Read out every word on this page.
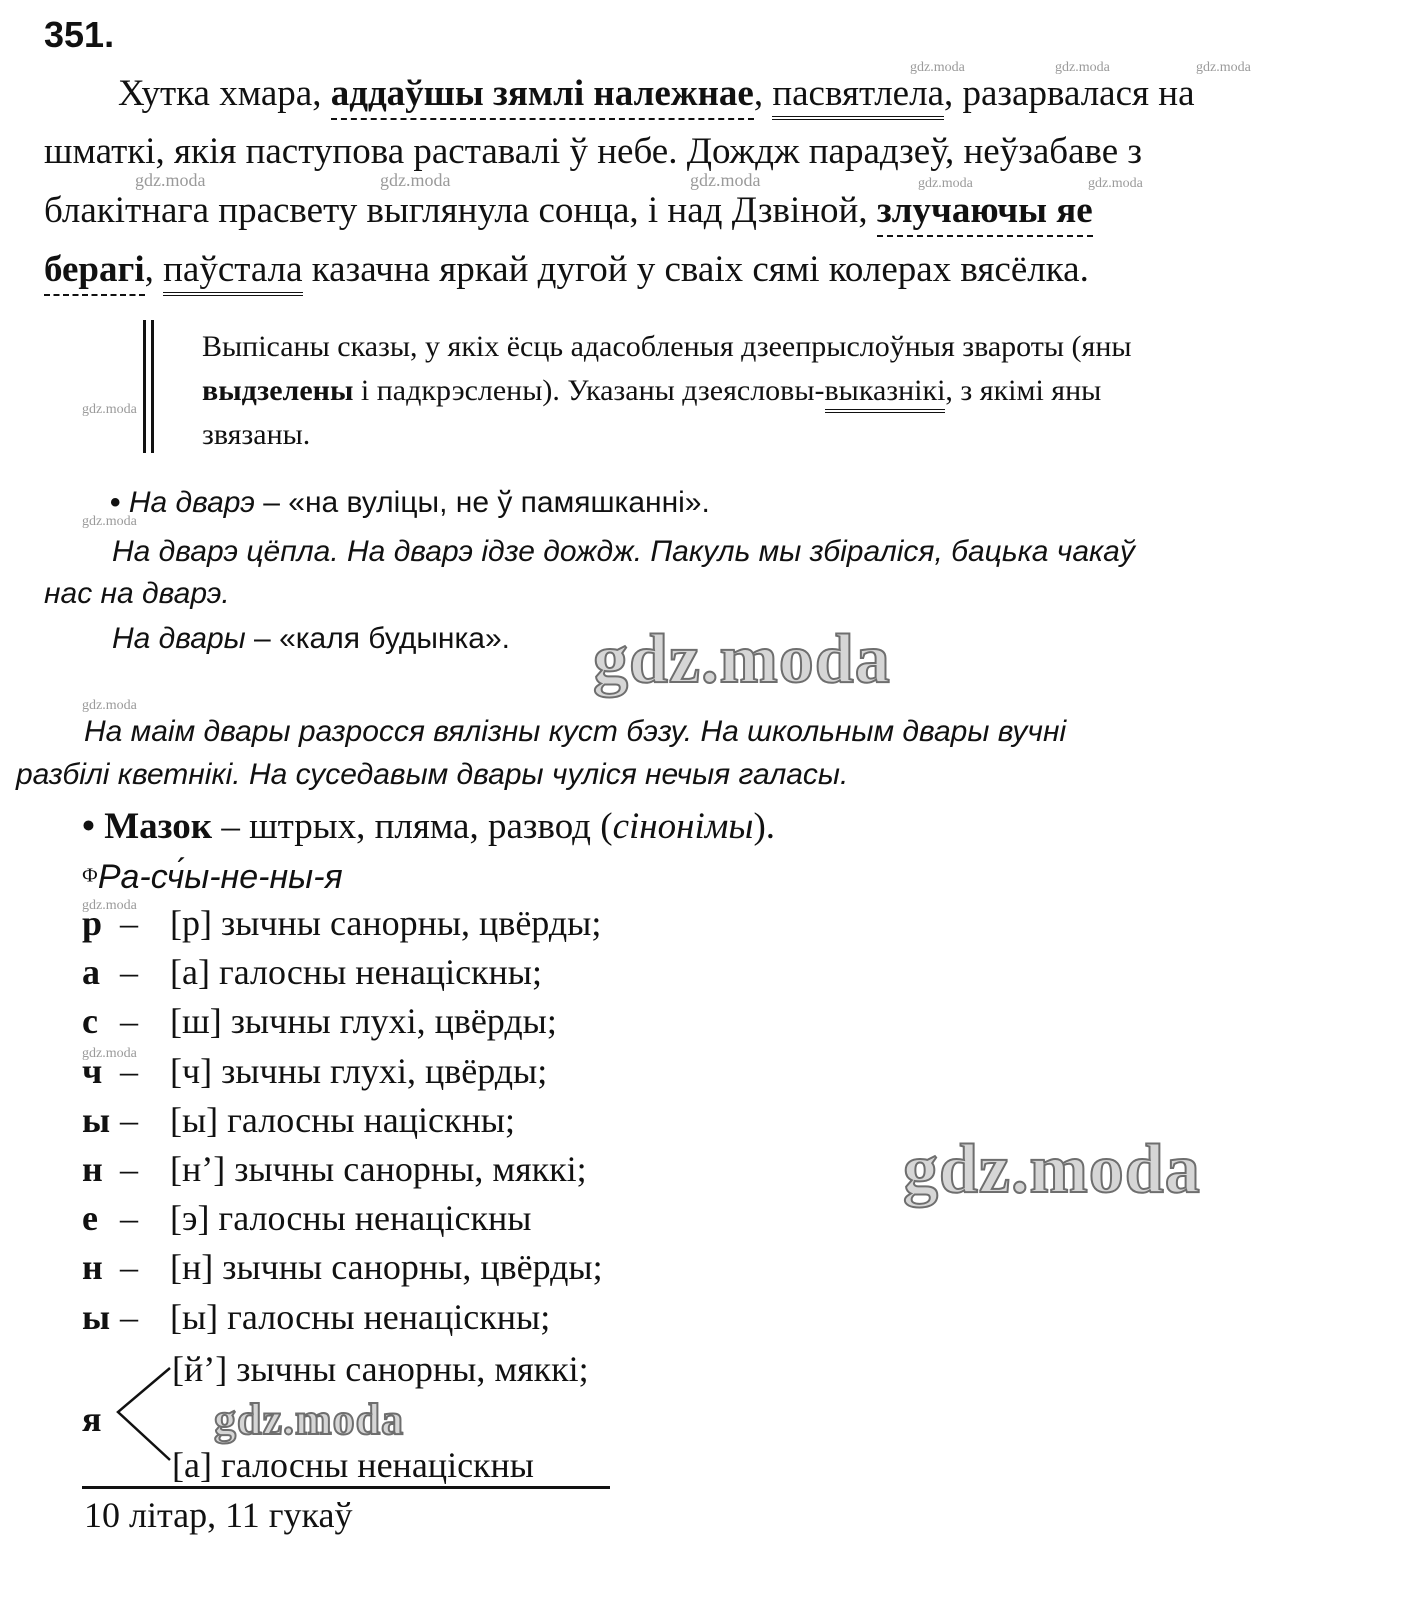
351.
Хутка хмара, аддаўшы зямлі належнае, пасвятлела, разарвалася на
шматкі, якія паступова раставалі ў небе. Дождж парадзеў, неўзабаве з
блакітнага прасвету выглянула сонца, і над Дзвіной, злучаючы яе
берагі, паўстала казачна яркай дугой у сваіх сямі колерах вясёлка.
Выпісаны сказы, у якіх ёсць адасобленыя дзеепрыслоўныя звароты (яны
выдзелены і падкрэслены). Указаны дзеясловы-выказнікі, з якімі яны
звязаны.
• На дварэ – «на вуліцы, не ў памяшканні».
На дварэ цёпла. На дварэ ідзе дождж. Пакуль мы збіраліся, бацька чакаў
нас на дварэ.
На двары – «каля будынка».
На маім двары разросся вялізны куст бэзу. На школьным двары вучні
разбілі кветнікі. На суседавым двары чуліся нечыя галасы.
• Мазок – штрых, пляма, развод (сінонімы).
ФРа-сч́ы-не-ны-я
р – [р] зычны санорны, цвёрды;
а – [а] галосны ненаціскны;
с – [ш] зычны глухі, цвёрды;
ч – [ч] зычны глухі, цвёрды;
ы – [ы] галосны націскны;
н – [н’] зычны санорны, мяккі;
е – [э] галосны ненаціскны
н – [н] зычны санорны, цвёрды;
ы – [ы] галосны ненаціскны;
[й’] зычны санорны, мяккі;
я
[а] галосны ненаціскны
10 літар, 11 гукаў
gdz.moda
gdz.moda
gdz.moda
gdz.moda	gdz.moda	gdz.moda
gdz.moda	gdz.moda	gdz.moda	gdz.moda	gdz.moda
gdz.moda
gdz.moda
gdz.moda
gdz.moda
gdz.moda
